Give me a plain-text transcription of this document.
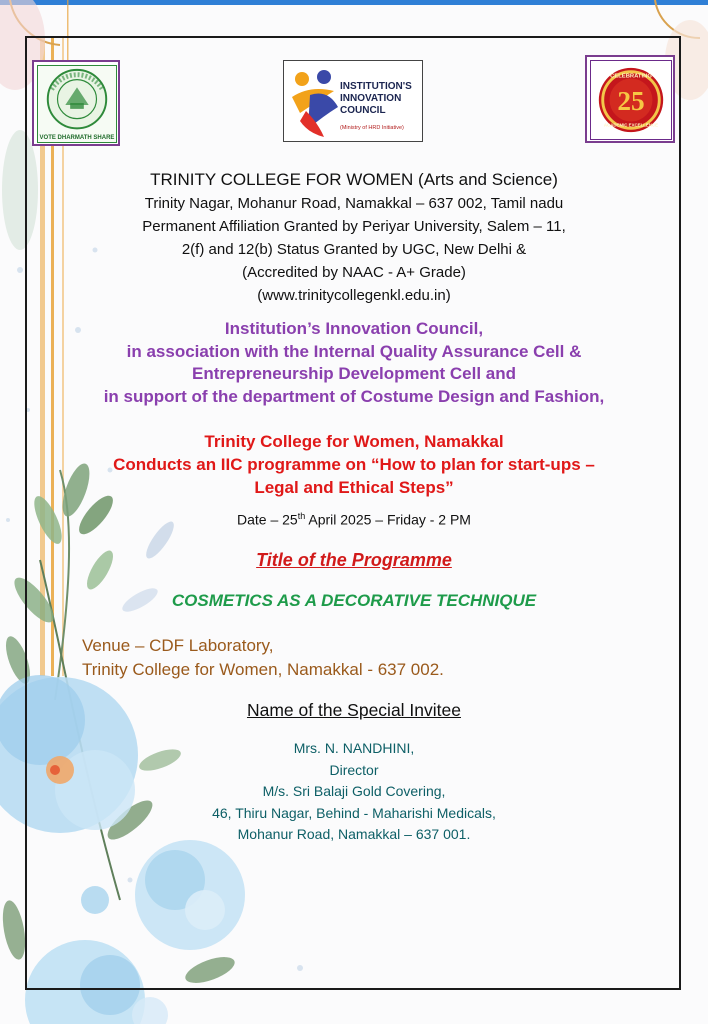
VOTE DHARMATH SHARE
INSTITUTION'S
INNOVATION
COUNCIL
(Ministry of HRD Initiative)
CELEBRATING
25
ACADEMIC EXCELLENCE
TRINITY COLLEGE FOR WOMEN (Arts and Science)
Trinity Nagar, Mohanur Road, Namakkal – 637 002, Tamil nadu
Permanent Affiliation Granted by Periyar University, Salem – 11,
2(f) and 12(b) Status Granted by UGC, New Delhi &
(Accredited by NAAC - A+ Grade)
(www.trinitycollegenkl.edu.in)
Institution’s Innovation Council,
in association with the Internal Quality Assurance Cell &
Entrepreneurship Development Cell and
in support of the department of Costume Design and Fashion,
Trinity College for Women, Namakkal
Conducts an IIC programme on “How to plan for start-ups –
Legal and Ethical Steps”
Date – 25th April 2025 – Friday - 2 PM
Title of the Programme
COSMETICS AS A DECORATIVE TECHNIQUE
Venue – CDF Laboratory,
Trinity College for Women, Namakkal - 637 002.
Name of the Special Invitee
Mrs. N. NANDHINI,
Director
M/s. Sri Balaji Gold Covering,
46, Thiru Nagar, Behind - Maharishi Medicals,
Mohanur Road, Namakkal – 637 001.
